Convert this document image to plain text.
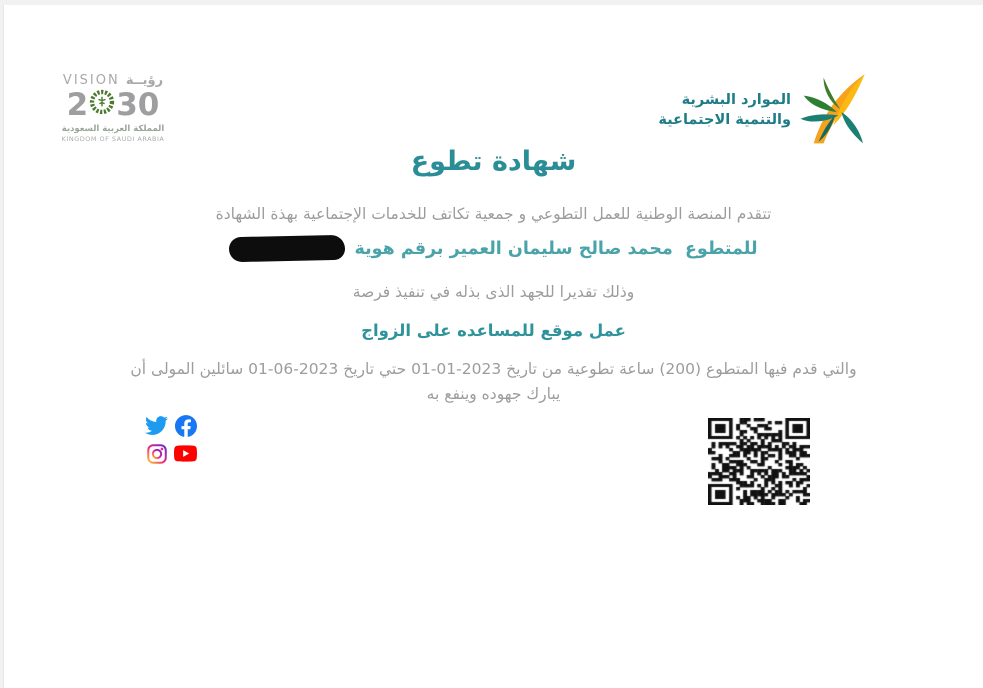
VISION رؤيــة
2 30
المملكة العربية السعودية
KINGDOM OF SAUDI ARABIA
الموارد البشرية
والتنمية الاجتماعية
شهادة تطوع
تتقدم المنصة الوطنية للعمل التطوعي و جمعية تكاتف للخدمات الإجتماعية بهذة الشهادة
للمتطوع  محمد صالح سليمان العمير برقم هوية
وذلك تقديرا للجهد الذى بذله في تنفيذ فرصة
عمل موقع للمساعده على الزواج
والتي قدم فيها المتطوع (200) ساعة تطوعية من تاريخ 2023-01-01 حتي تاريخ 2023-06-01 سائلين المولى أن يبارك جهوده وينفع به
